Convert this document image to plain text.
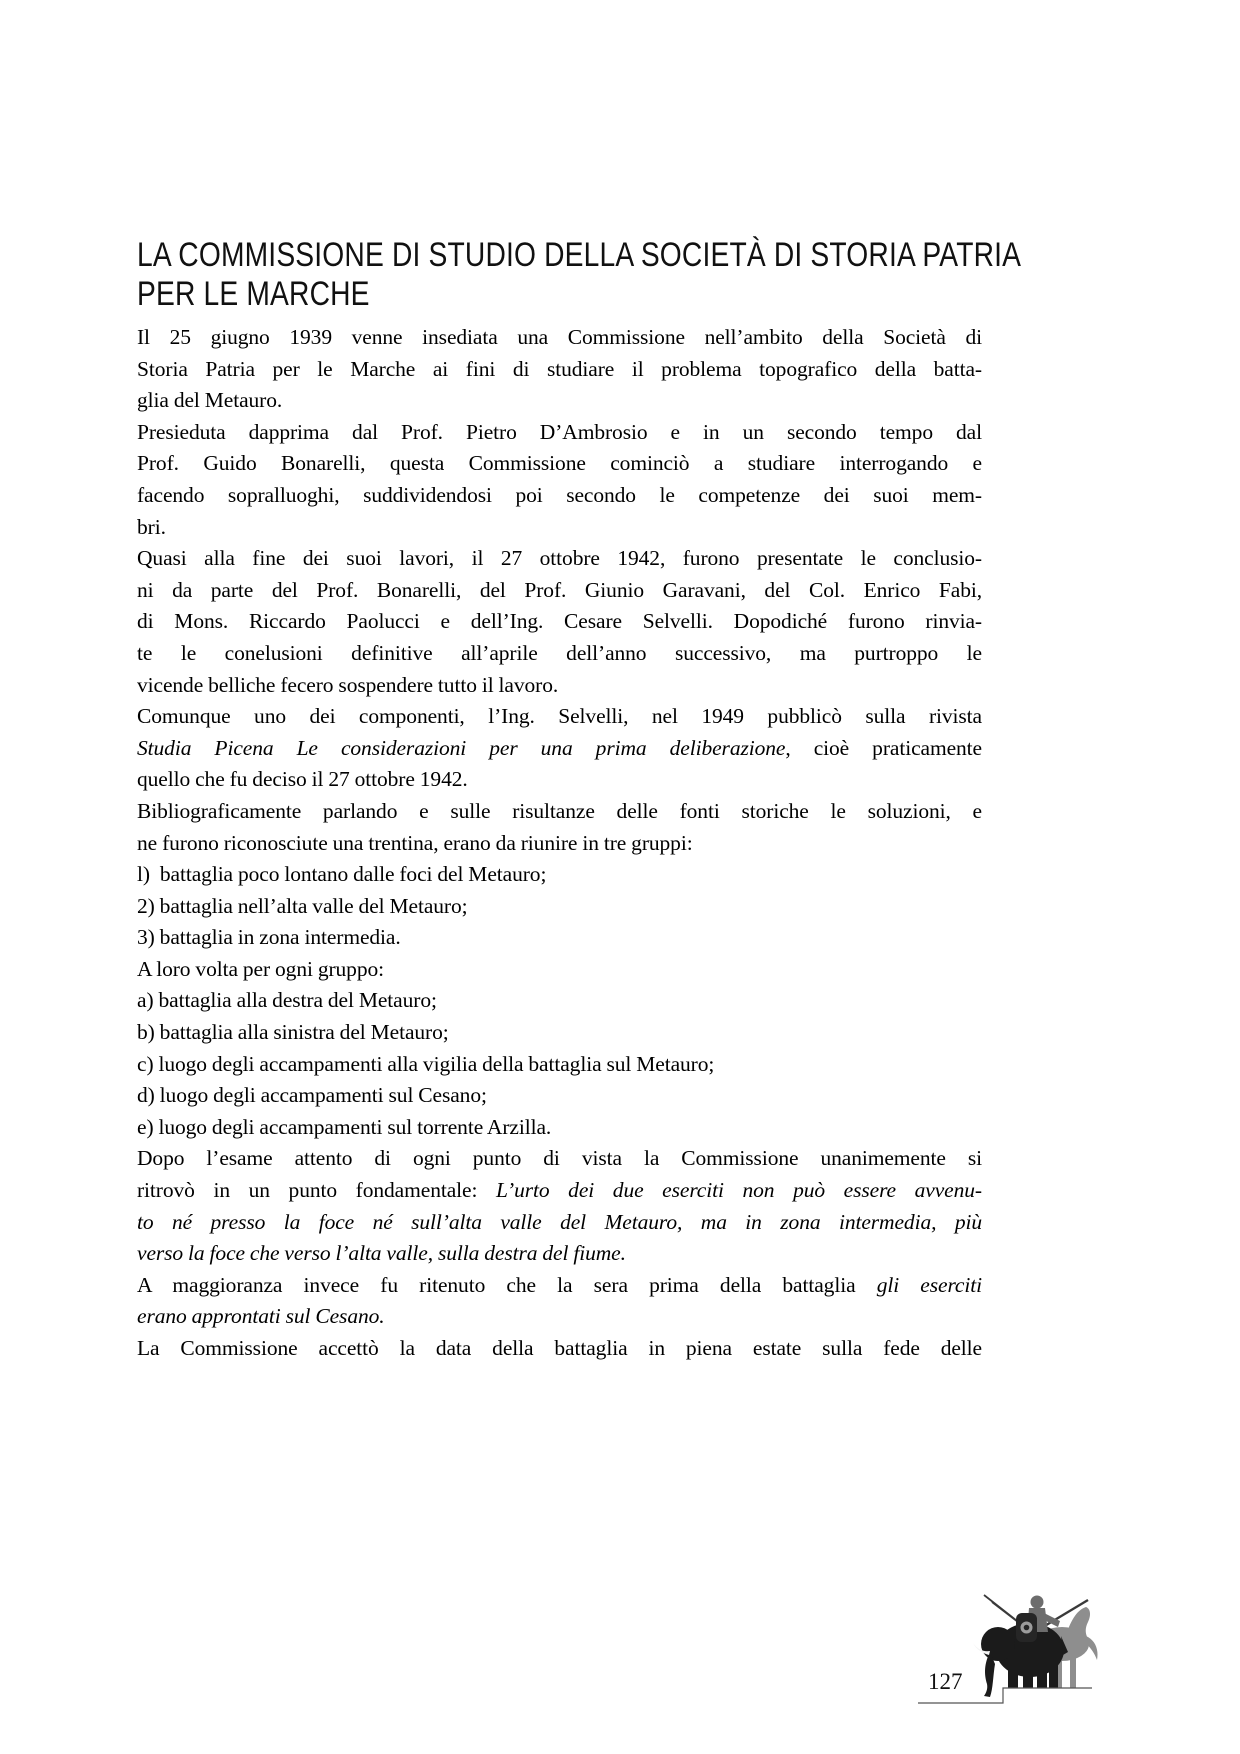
LA COMMISSIONE DI STUDIO DELLA SOCIETÀ DI STORIA PATRIA
PER LE MARCHE
Il 25 giugno 1939 venne insediata una Commissione nell’ambito della Società di
Storia Patria per le Marche ai fini di studiare il problema topografico della batta-
glia del Metauro.
Presieduta dapprima dal Prof. Pietro D’Ambrosio e in un secondo tempo dal
Prof. Guido Bonarelli, questa Commissione cominciò a studiare interrogando e
facendo sopralluoghi, suddividendosi poi secondo le competenze dei suoi mem-
bri.
Quasi alla fine dei suoi lavori, il 27 ottobre 1942, furono presentate le conclusio-
ni da parte del Prof. Bonarelli, del Prof. Giunio Garavani, del Col. Enrico Fabi,
di Mons. Riccardo Paolucci e dell’Ing. Cesare Selvelli. Dopodiché furono rinvia-
te le conelusioni definitive all’aprile dell’anno successivo, ma purtroppo le
vicende belliche fecero sospendere tutto il lavoro.
Comunque uno dei componenti, l’Ing. Selvelli, nel 1949 pubblicò sulla rivista
Studia Picena Le considerazioni per una prima deliberazione, cioè praticamente
quello che fu deciso il 27 ottobre 1942.
Bibliograficamente parlando e sulle risultanze delle fonti storiche le soluzioni, e
ne furono riconosciute una trentina, erano da riunire in tre gruppi:
l)  battaglia poco lontano dalle foci del Metauro;
2) battaglia nell’alta valle del Metauro;
3) battaglia in zona intermedia.
A loro volta per ogni gruppo:
a) battaglia alla destra del Metauro;
b) battaglia alla sinistra del Metauro;
c) luogo degli accampamenti alla vigilia della battaglia sul Metauro;
d) luogo degli accampamenti sul Cesano;
e) luogo degli accampamenti sul torrente Arzilla.
Dopo l’esame attento di ogni punto di vista la Commissione unanimemente si
ritrovò in un punto fondamentale: L’urto dei due eserciti non può essere avvenu-
to né presso la foce né sull’alta valle del Metauro, ma in zona intermedia, più
verso la foce che verso l’alta valle, sulla destra del fiume.
A maggioranza invece fu ritenuto che la sera prima della battaglia gli eserciti
erano approntati sul Cesano.
La Commissione accettò la data della battaglia in piena estate sulla fede delle
127
